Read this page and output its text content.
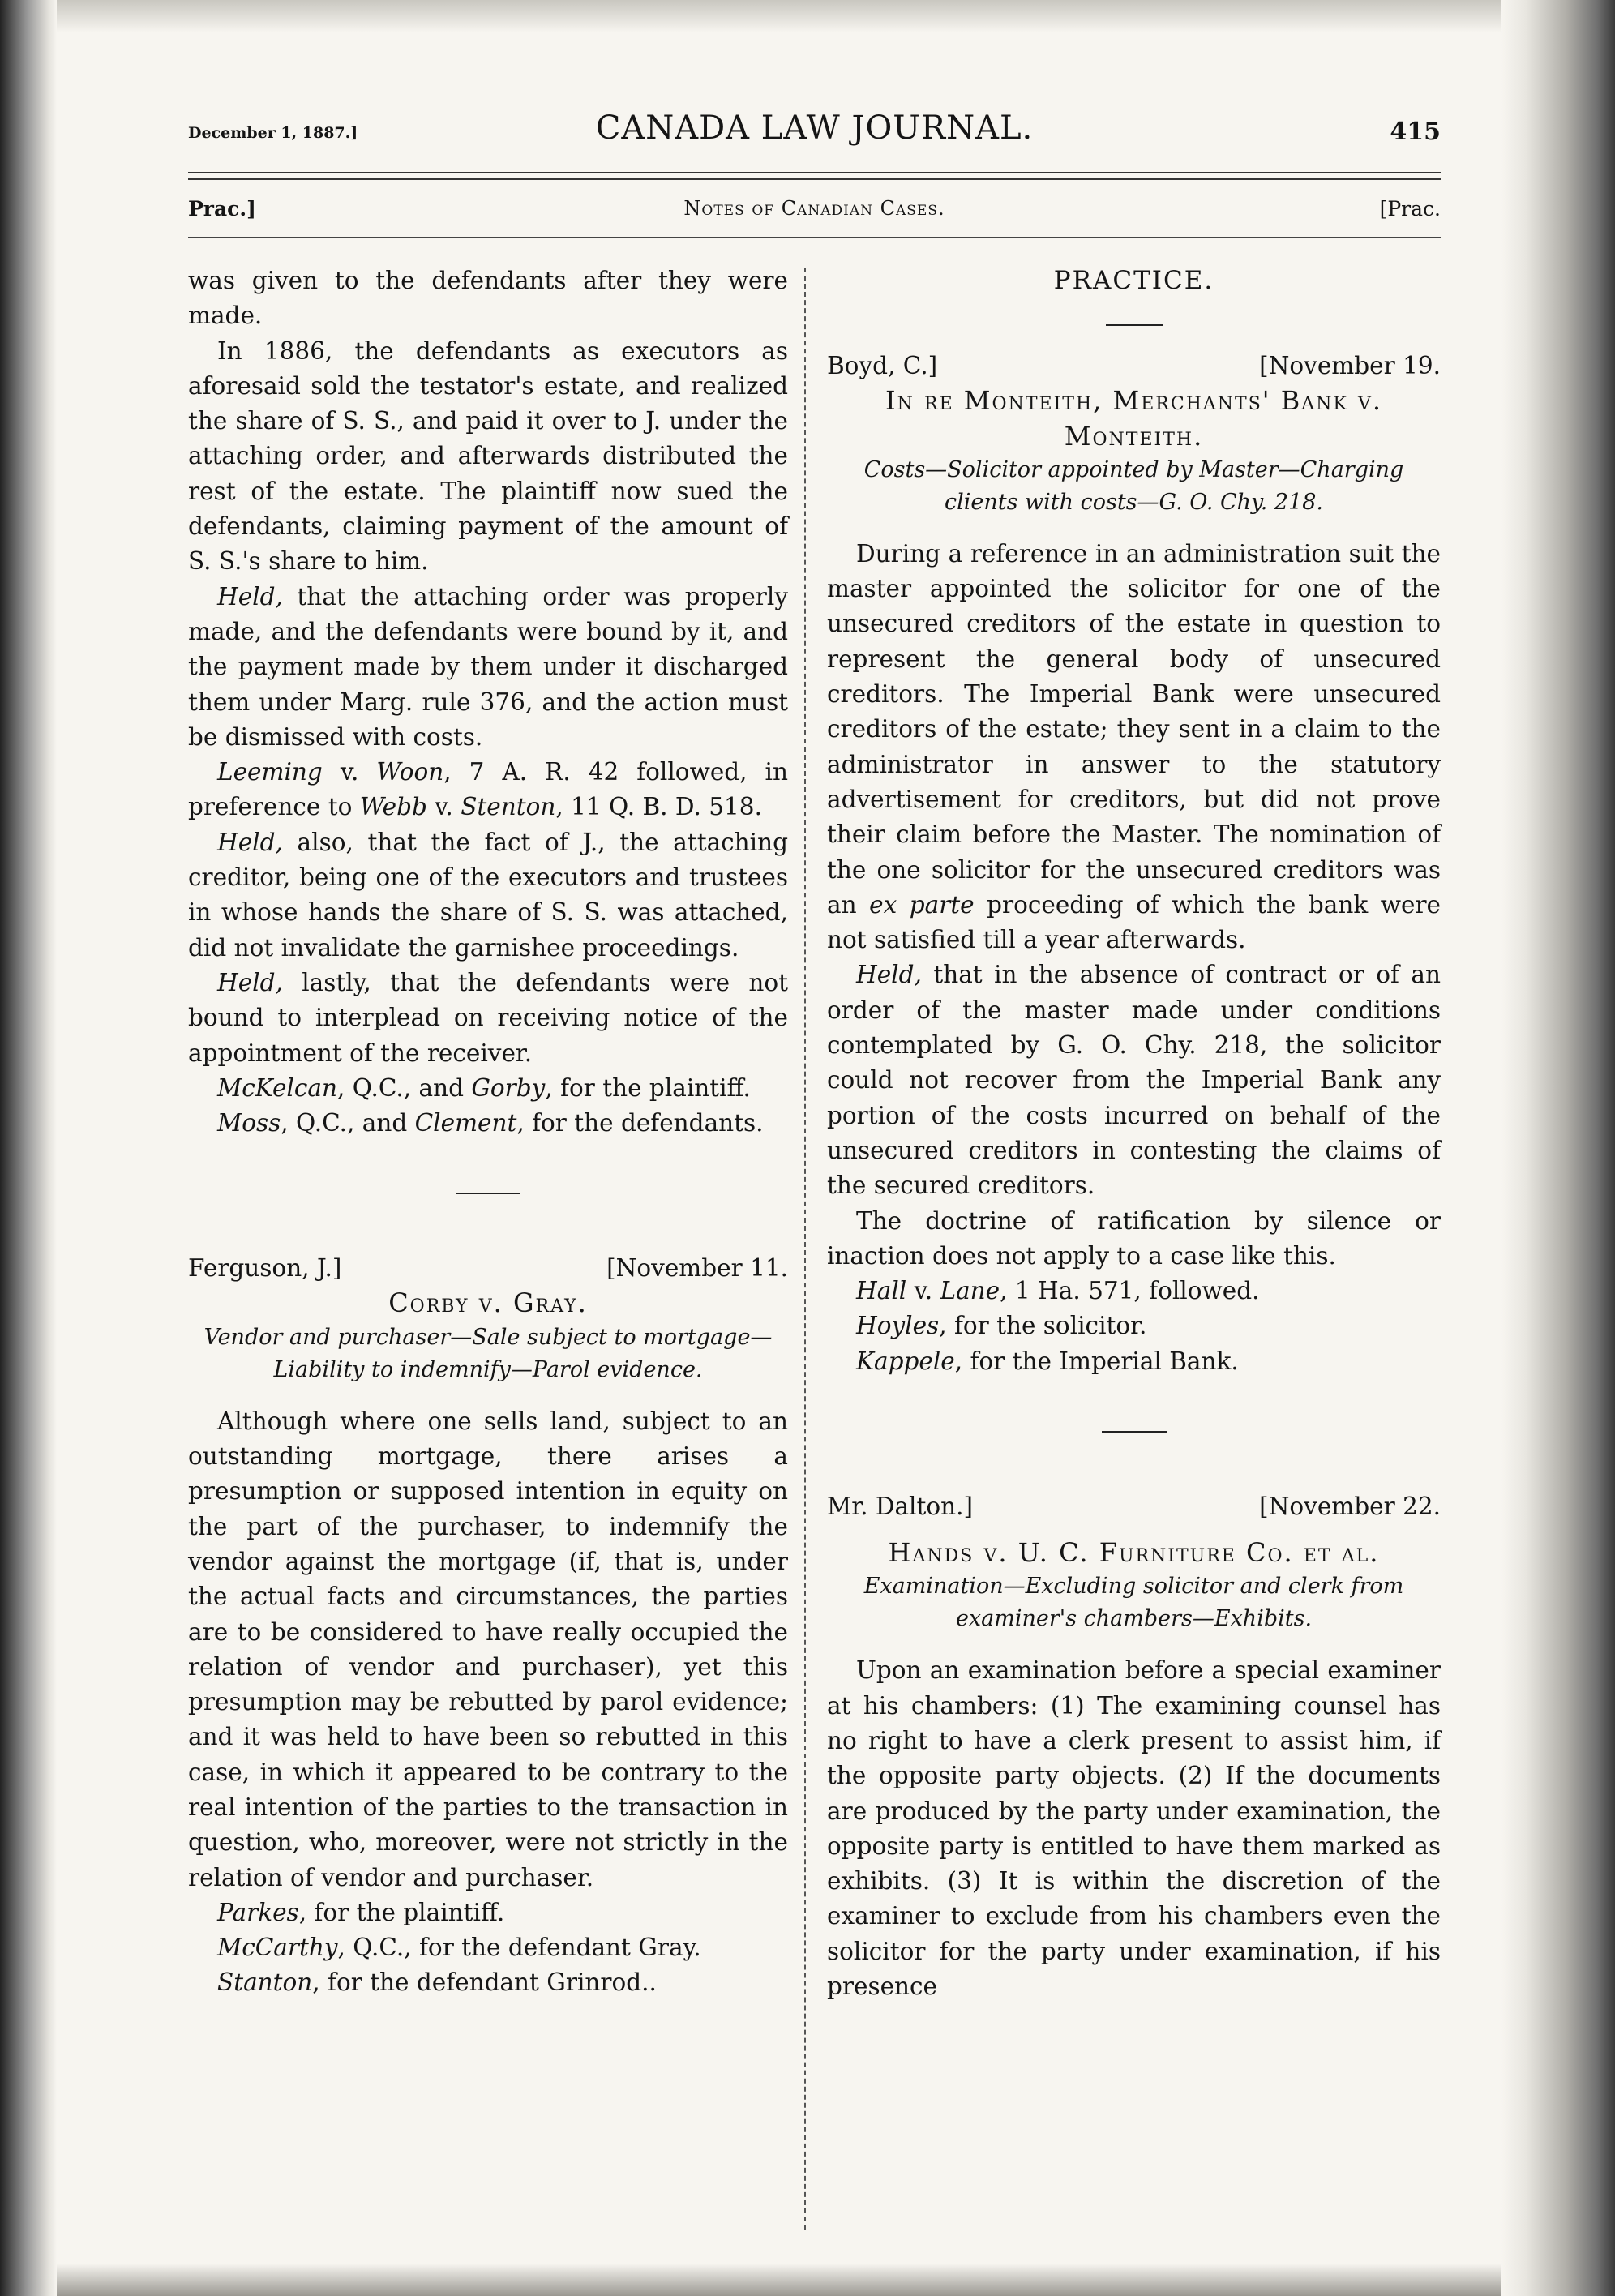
December 1, 1887.]	CANADA LAW JOURNAL.	415
Prac.]	Notes of Canadian Cases.	[Prac.

was given to the defendants after they were made.

In 1886, the defendants as executors as aforesaid sold the testator's estate, and realized the share of S. S., and paid it over to J. under the attaching order, and afterwards distributed the rest of the estate. The plaintiff now sued the defendants, claiming payment of the amount of S. S.'s share to him.

Held, that the attaching order was properly made, and the defendants were bound by it, and the payment made by them under it discharged them under Marg. rule 376, and the action must be dismissed with costs.

Leeming v. Woon, 7 A. R. 42 followed, in preference to Webb v. Stenton, 11 Q. B. D. 518.

Held, also, that the fact of J., the attaching creditor, being one of the executors and trustees in whose hands the share of S. S. was attached, did not invalidate the garnishee proceedings.

Held, lastly, that the defendants were not bound to interplead on receiving notice of the appointment of the receiver.

McKelcan, Q.C., and Gorby, for the plaintiff.

Moss, Q.C., and Clement, for the defendants.

Ferguson, J.]	[November 11.

Corby v. Gray.

Vendor and purchaser—Sale subject to mortgage—Liability to indemnify—Parol evidence.

Although where one sells land, subject to an outstanding mortgage, there arises a presumption or supposed intention in equity on the part of the purchaser, to indemnify the vendor against the mortgage (if, that is, under the actual facts and circumstances, the parties are to be considered to have really occupied the relation of vendor and purchaser), yet this presumption may be rebutted by parol evidence; and it was held to have been so rebutted in this case, in which it appeared to be contrary to the real intention of the parties to the transaction in question, who, moreover, were not strictly in the relation of vendor and purchaser.

Parkes, for the plaintiff.

McCarthy, Q.C., for the defendant Gray.

Stanton, for the defendant Grinrod..

PRACTICE.

Boyd, C.]	[November 19.

In re Monteith, Merchants' Bank v.

Monteith.

Costs—Solicitor appointed by Master—Charging clients with costs—G. O. Chy. 218.

During a reference in an administration suit the master appointed the solicitor for one of the unsecured creditors of the estate in question to represent the general body of unsecured creditors. The Imperial Bank were unsecured creditors of the estate; they sent in a claim to the administrator in answer to the statutory advertisement for creditors, but did not prove their claim before the Master. The nomination of the one solicitor for the unsecured creditors was an ex parte proceeding of which the bank were not satisfied till a year afterwards.

Held, that in the absence of contract or of an order of the master made under conditions contemplated by G. O. Chy. 218, the solicitor could not recover from the Imperial Bank any portion of the costs incurred on behalf of the unsecured creditors in contesting the claims of the secured creditors.

The doctrine of ratification by silence or inaction does not apply to a case like this.

Hall v. Lane, 1 Ha. 571, followed.

Hoyles, for the solicitor.

Kappele, for the Imperial Bank.

Mr. Dalton.]	[November 22.

Hands v. U. C. Furniture Co. et al.

Examination—Excluding solicitor and clerk from examiner's chambers—Exhibits.

Upon an examination before a special examiner at his chambers: (1) The examining counsel has no right to have a clerk present to assist him, if the opposite party objects. (2) If the documents are produced by the party under examination, the opposite party is entitled to have them marked as exhibits. (3) It is within the discretion of the examiner to exclude from his chambers even the solicitor for the party under examination, if his presence
